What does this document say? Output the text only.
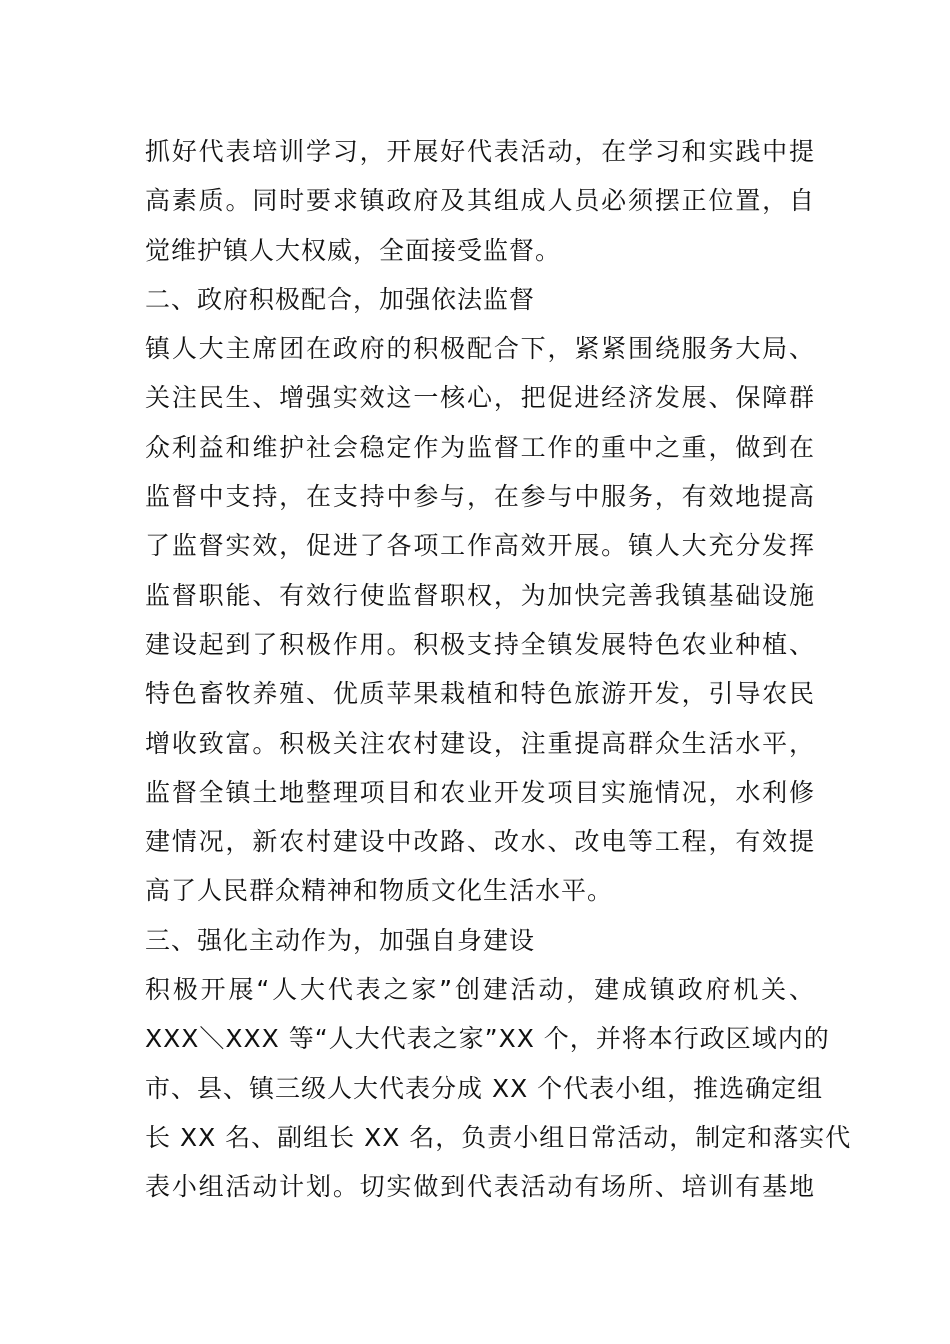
抓好代表培训学习，开展好代表活动，在学习和实践中提
高素质。同时要求镇政府及其组成人员必须摆正位置，自
觉维护镇人大权威，全面接受监督。
二、政府积极配合，加强依法监督
镇人大主席团在政府的积极配合下，紧紧围绕服务大局、
关注民生、增强实效这一核心，把促进经济发展、保障群
众利益和维护社会稳定作为监督工作的重中之重，做到在
监督中支持，在支持中参与，在参与中服务，有效地提高
了监督实效，促进了各项工作高效开展。镇人大充分发挥
监督职能、有效行使监督职权，为加快完善我镇基础设施
建设起到了积极作用。积极支持全镇发展特色农业种植、
特色畜牧养殖、优质苹果栽植和特色旅游开发，引导农民
增收致富。积极关注农村建设，注重提高群众生活水平，
监督全镇土地整理项目和农业开发项目实施情况，水利修
建情况，新农村建设中改路、改水、改电等工程，有效提
高了人民群众精神和物质文化生活水平。
三、强化主动作为，加强自身建设
积极开展“人大代表之家”创建活动，建成镇政府机关、
XXX＼XXX 等“人大代表之家”XX 个，并将本行政区域内的
市、县、镇三级人大代表分成 XX 个代表小组，推选确定组
长 XX 名、副组长 XX 名，负责小组日常活动，制定和落实代
表小组活动计划。切实做到代表活动有场所、培训有基地
